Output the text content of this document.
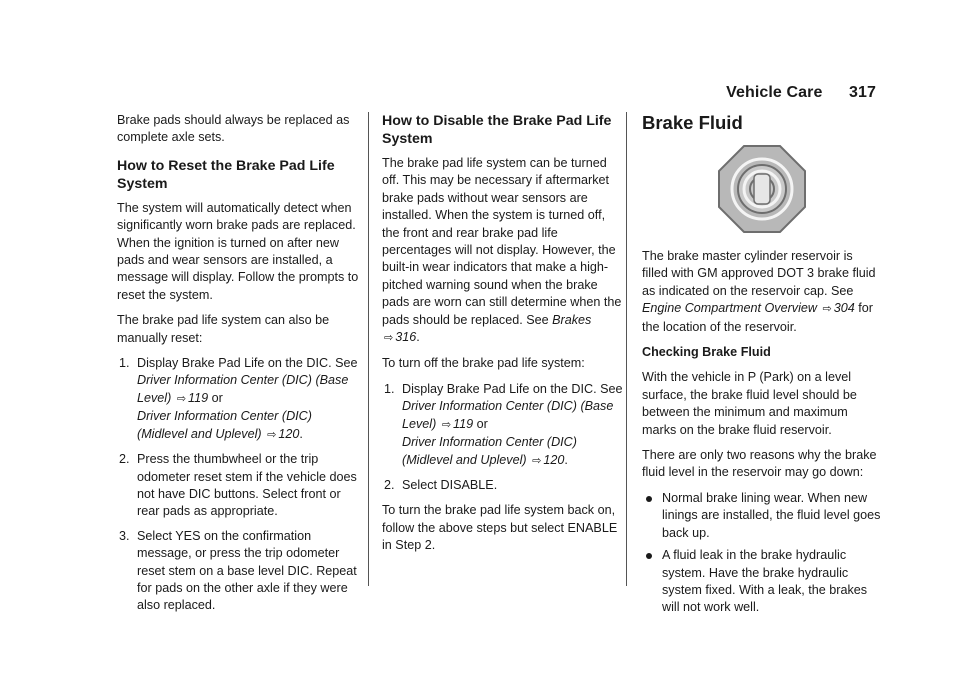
Vehicle Care 317

Brake pads should always be replaced as complete axle sets.

How to Reset the Brake Pad Life System

The system will automatically detect when significantly worn brake pads are replaced. When the ignition is turned on after new pads and wear sensors are installed, a message will display. Follow the prompts to reset the system.

The brake pad life system can also be manually reset:

1. Display Brake Pad Life on the DIC. See
Driver Information Center (DIC) (Base Level) ⇨ 119 or
Driver Information Center (DIC) (Midlevel and Uplevel) ⇨ 120.
2. Press the thumbwheel or the trip odometer reset stem if the vehicle does not have DIC buttons. Select front or rear pads as appropriate.
3. Select YES on the confirmation message, or press the trip odometer reset stem on a base level DIC. Repeat for pads on the other axle if they were also replaced.
How to Disable the Brake Pad Life System

The brake pad life system can be turned off. This may be necessary if aftermarket brake pads without wear sensors are installed. When the system is turned off, the front and rear brake pad life percentages will not display. However, the built-in wear indicators that make a high-pitched warning sound when the brake pads are worn can still determine when the pads should be replaced. See Brakes ⇨ 316.

To turn off the brake pad life system:

1. Display Brake Pad Life on the DIC. See
Driver Information Center (DIC) (Base Level) ⇨ 119 or
Driver Information Center (DIC) (Midlevel and Uplevel) ⇨ 120.
2. Select DISABLE.

To turn the brake pad life system back on, follow the above steps but select ENABLE in Step 2.

Brake Fluid

The brake master cylinder reservoir is filled with GM approved DOT 3 brake fluid as indicated on the reservoir cap. See Engine Compartment Overview ⇨ 304 for the location of the reservoir.

Checking Brake Fluid

With the vehicle in P (Park) on a level surface, the brake fluid level should be between the minimum and maximum marks on the brake fluid reservoir.

There are only two reasons why the brake fluid level in the reservoir may go down:

Normal brake lining wear. When new linings are installed, the fluid level goes back up.
A fluid leak in the brake hydraulic system. Have the brake hydraulic system fixed. With a leak, the brakes will not work well.
